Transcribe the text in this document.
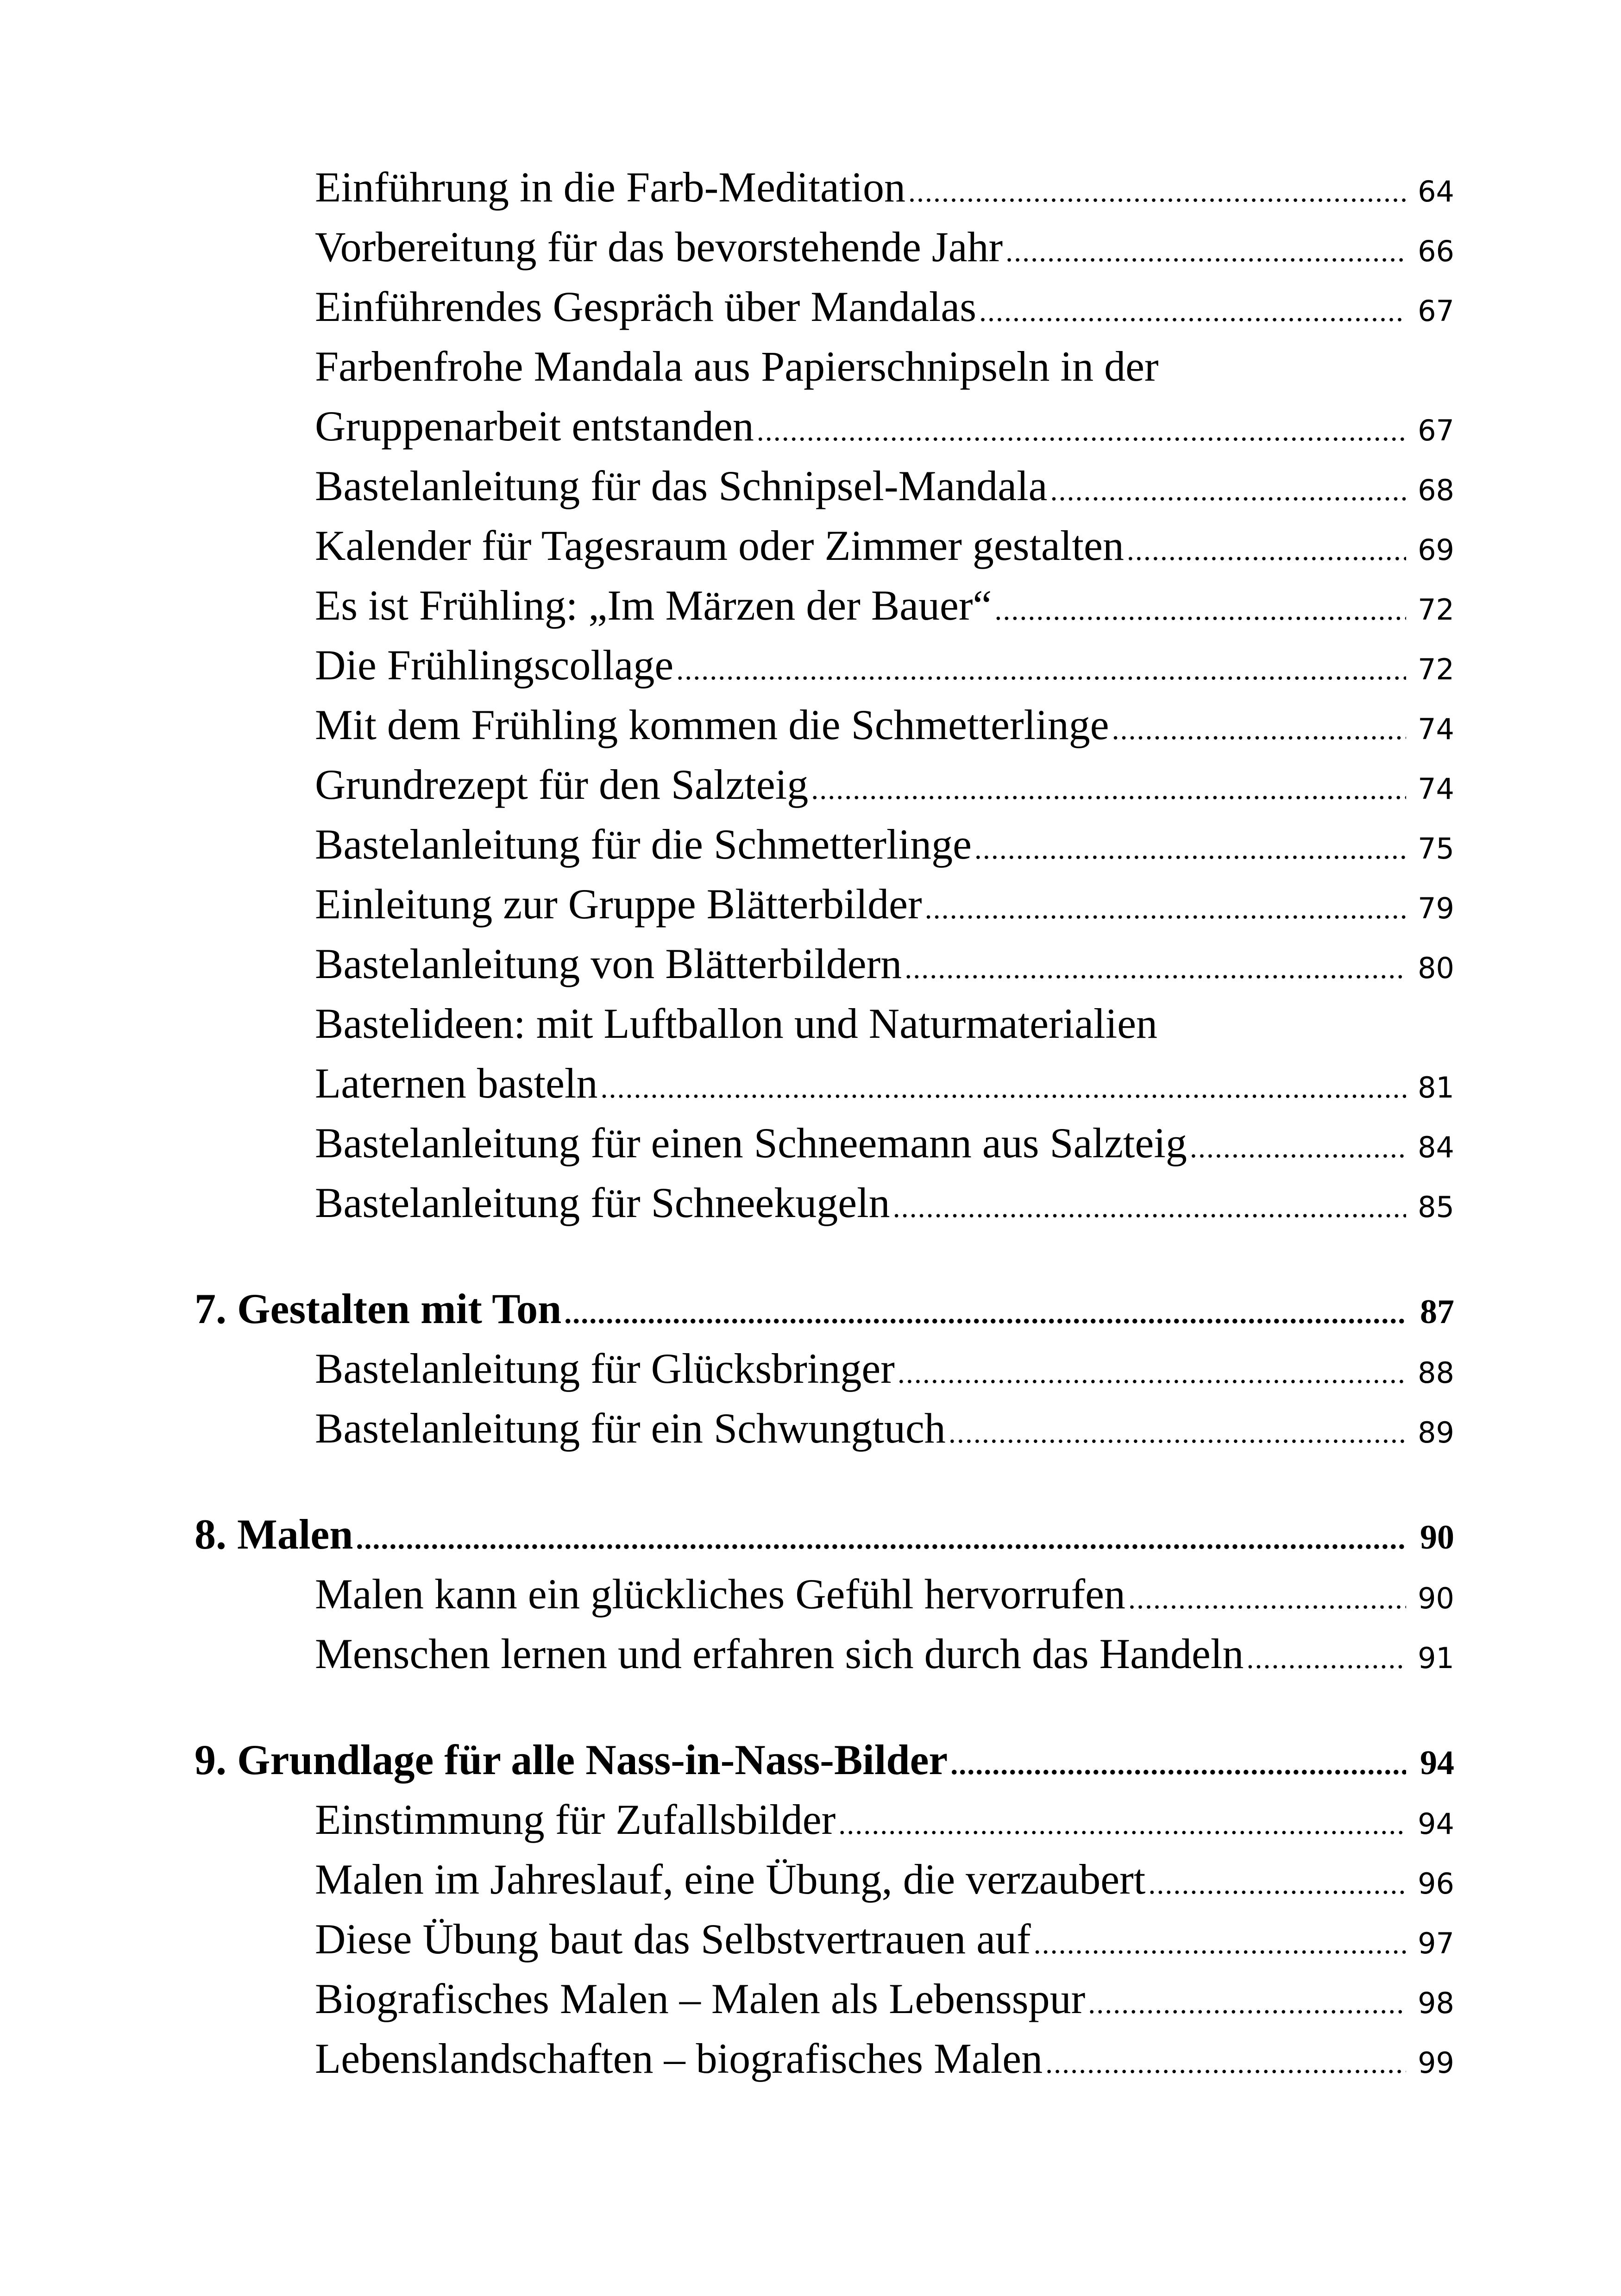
Einführung in die Farb-Meditation .....	64
Vorbereitung für das bevorstehende Jahr .....	66
Einführendes Gespräch über Mandalas .....	67
Farbenfrohe Mandala aus Papierschnipseln in der
Gruppenarbeit entstanden .....	67
Bastelanleitung für das Schnipsel-Mandala .....	68
Kalender für Tagesraum oder Zimmer gestalten .....	69
Es ist Frühling: „Im Märzen der Bauer“ .....	72
Die Frühlingscollage .....	72
Mit dem Frühling kommen die Schmetterlinge .....	74
Grundrezept für den Salzteig .....	74
Bastelanleitung für die Schmetterlinge .....	75
Einleitung zur Gruppe Blätterbilder .....	79
Bastelanleitung von Blätterbildern .....	80
Bastelideen: mit Luftballon und Naturmaterialien
Laternen basteln .....	81
Bastelanleitung für einen Schneemann aus Salzteig .....	84
Bastelanleitung für Schneekugeln .....	85
7. Gestalten mit Ton .....	87
Bastelanleitung für Glücksbringer .....	88
Bastelanleitung für ein Schwungtuch .....	89
8. Malen .....	90
Malen kann ein glückliches Gefühl hervorrufen .....	90
Menschen lernen und erfahren sich durch das Handeln .....	91
9. Grundlage für alle Nass-in-Nass-Bilder .....	94
Einstimmung für Zufallsbilder .....	94
Malen im Jahreslauf, eine Übung, die verzaubert .....	96
Diese Übung baut das Selbstvertrauen auf .....	97
Biografisches Malen – Malen als Lebensspur .....	98
Lebenslandschaften – biografisches Malen .....	99
